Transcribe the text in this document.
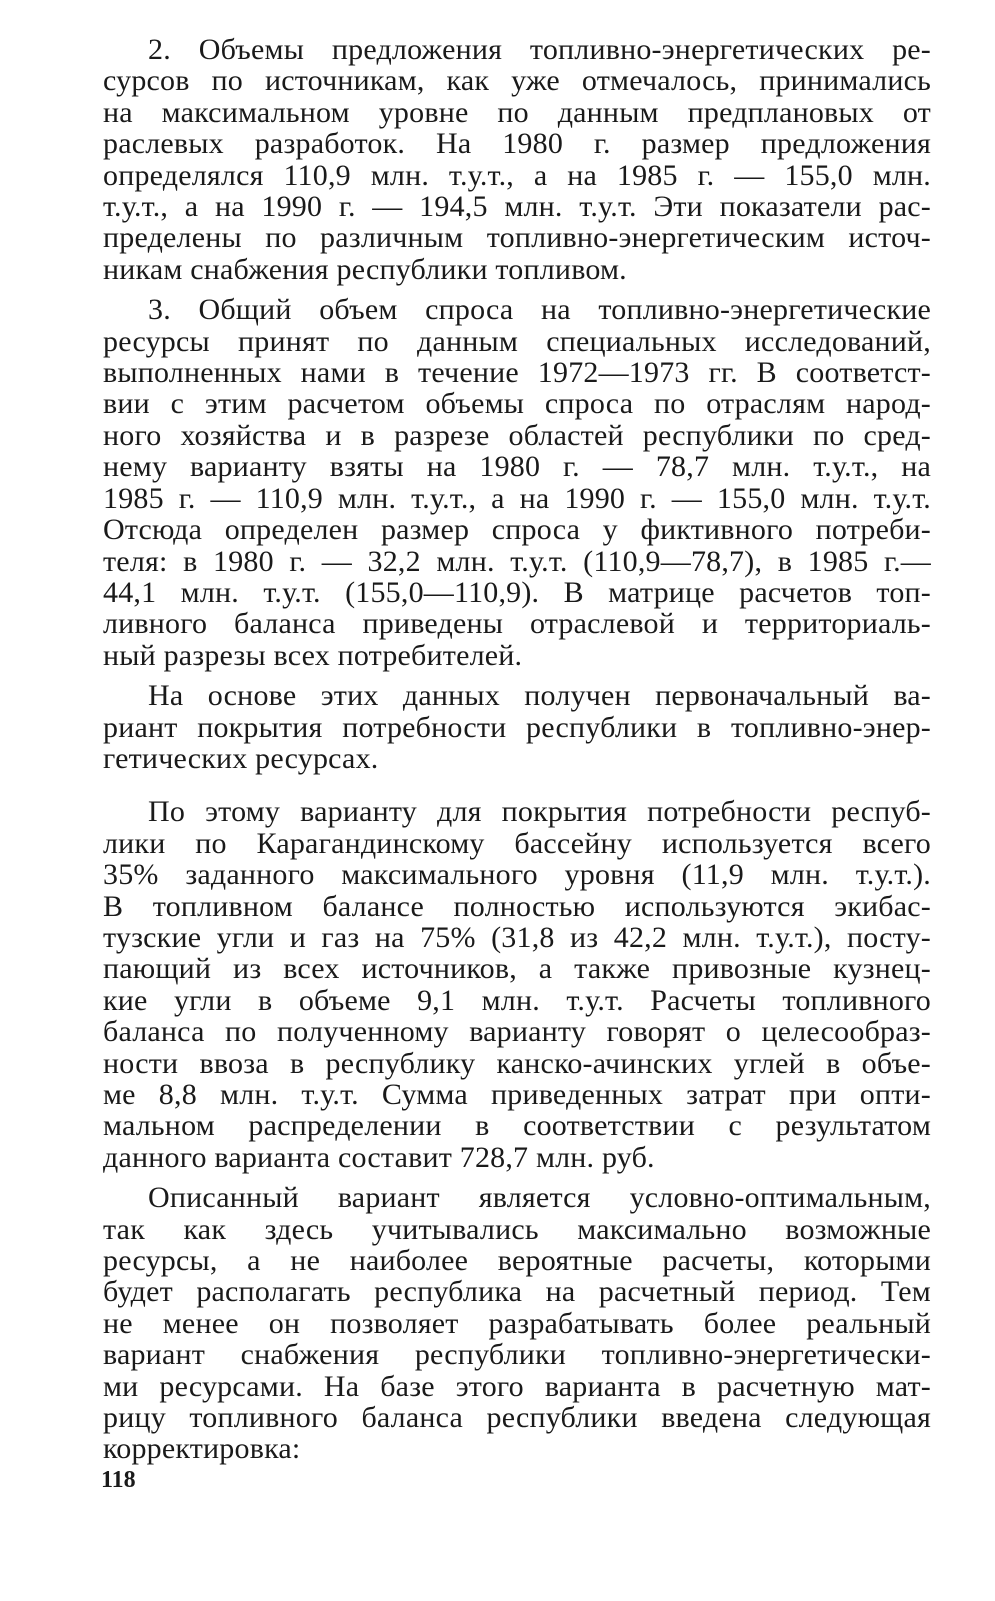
2. Объемы предложения топливно-энергетических ре-
сурсов по источникам, как уже отмечалось, принимались
на максимальном уровне по данным предплановых от
раслевых разработок. На 1980 г. размер предложения
определялся 110,9 млн. т.у.т., а на 1985 г. — 155,0 млн.
т.у.т., а на 1990 г. — 194,5 млн. т.у.т. Эти показатели рас-
пределены по различным топливно-энергетическим источ-
никам снабжения республики топливом.

3. Общий объем спроса на топливно-энергетические
ресурсы принят по данным специальных исследований,
выполненных нами в течение 1972—1973 гг. В соответст-
вии с этим расчетом объемы спроса по отраслям народ-
ного хозяйства и в разрезе областей республики по сред-
нему варианту взяты на 1980 г. — 78,7 млн. т.у.т., на
1985 г. — 110,9 млн. т.у.т., а на 1990 г. — 155,0 млн. т.у.т.
Отсюда определен размер спроса у фиктивного потреби-
теля: в 1980 г. — 32,2 млн. т.у.т. (110,9—78,7), в 1985 г.—
44,1 млн. т.у.т. (155,0—110,9). В матрице расчетов топ-
ливного баланса приведены отраслевой и территориаль-
ный разрезы всех потребителей.

На основе этих данных получен первоначальный ва-
риант покрытия потребности республики в топливно-энер-
гетических ресурсах.

По этому варианту для покрытия потребности респуб-
лики по Карагандинскому бассейну используется всего
35% заданного максимального уровня (11,9 млн. т.у.т.).
В топливном балансе полностью используются экибас-
тузские угли и газ на 75% (31,8 из 42,2 млн. т.у.т.), посту-
пающий из всех источников, а также привозные кузнец-
кие угли в объеме 9,1 млн. т.у.т. Расчеты топливного
баланса по полученному варианту говорят о целесообраз-
ности ввоза в республику канско-ачинских углей в объе-
ме 8,8 млн. т.у.т. Сумма приведенных затрат при опти-
мальном распределении в соответствии с результатом
данного варианта составит 728,7 млн. руб.

Описанный вариант является условно-оптимальным,
так как здесь учитывались максимально возможные
ресурсы, а не наиболее вероятные расчеты, которыми
будет располагать республика на расчетный период. Тем
не менее он позволяет разрабатывать более реальный
вариант снабжения республики топливно-энергетически-
ми ресурсами. На базе этого варианта в расчетную мат-
рицу топливного баланса республики введена следующая
корректировка:

118
